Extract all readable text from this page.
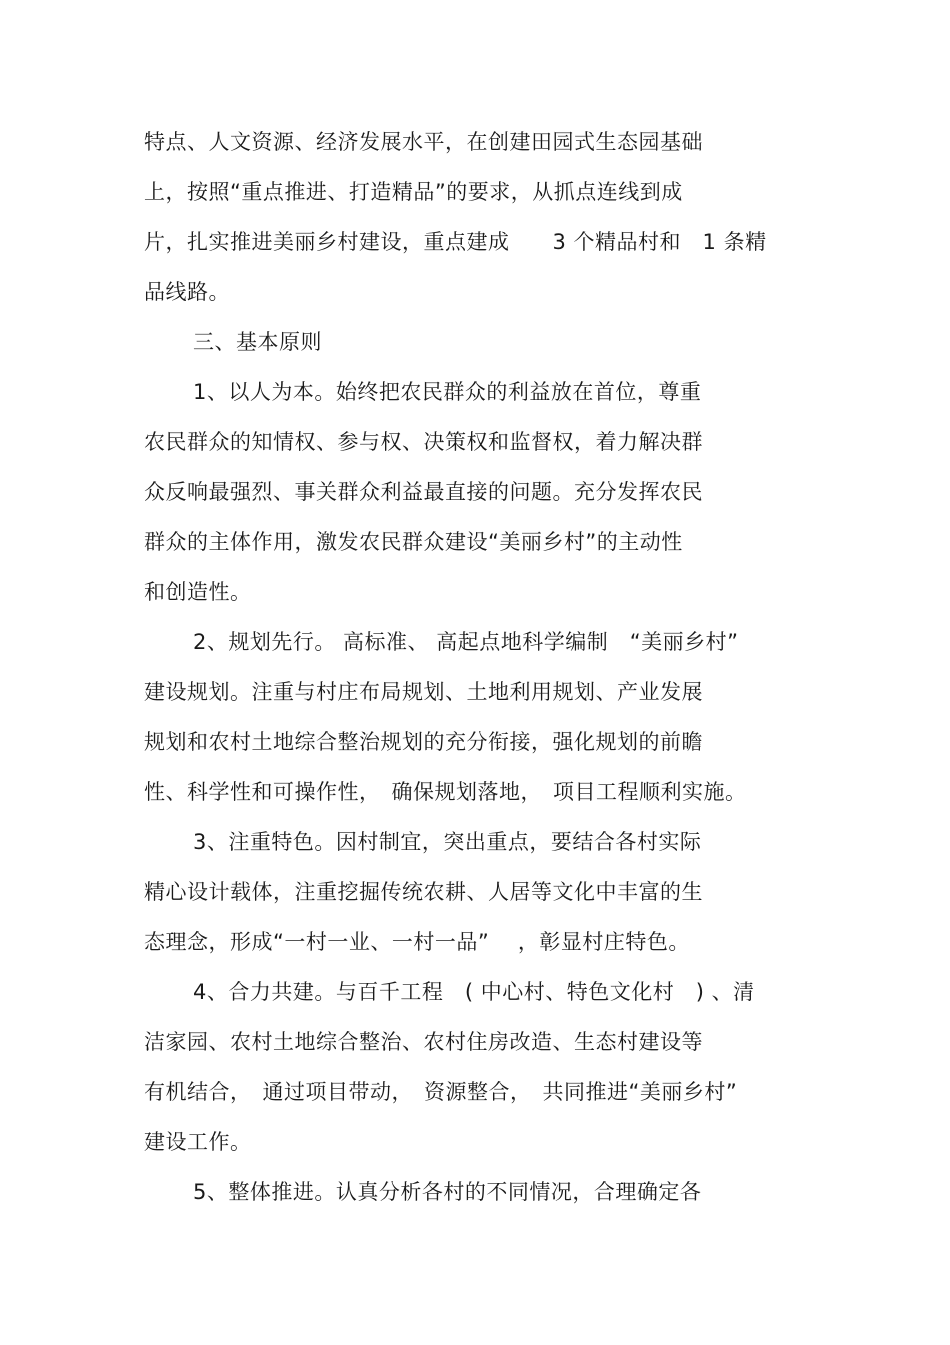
特点、人文资源、经济发展水平，在创建田园式生态园基础
上，按照“重点推进、打造精品”的要求，从抓点连线到成
片，扎实推进美丽乡村建设，重点建成　　3 个精品村和　1 条精
品线路。
三、基本原则
1、以人为本。始终把农民群众的利益放在首位，尊重
农民群众的知情权、参与权、决策权和监督权，着力解决群
众反响最强烈、事关群众利益最直接的问题。充分发挥农民
群众的主体作用，激发农民群众建设“美丽乡村”的主动性
和创造性。
2、规划先行。 高标准、 高起点地科学编制　“美丽乡村”
建设规划。注重与村庄布局规划、土地利用规划、产业发展
规划和农村土地综合整治规划的充分衔接，强化规划的前瞻
性、科学性和可操作性，　确保规划落地，　项目工程顺利实施。
3、注重特色。因村制宜，突出重点，要结合各村实际
精心设计载体，注重挖掘传统农耕、人居等文化中丰富的生
态理念，形成“一村一业、一村一品”　 ，彰显村庄特色。
4、合力共建。与百千工程　( 中心村、特色文化村　) 、清
洁家园、农村土地综合整治、农村住房改造、生态村建设等
有机结合，　通过项目带动，　资源整合，　共同推进“美丽乡村”
建设工作。
5、整体推进。认真分析各村的不同情况，合理确定各
